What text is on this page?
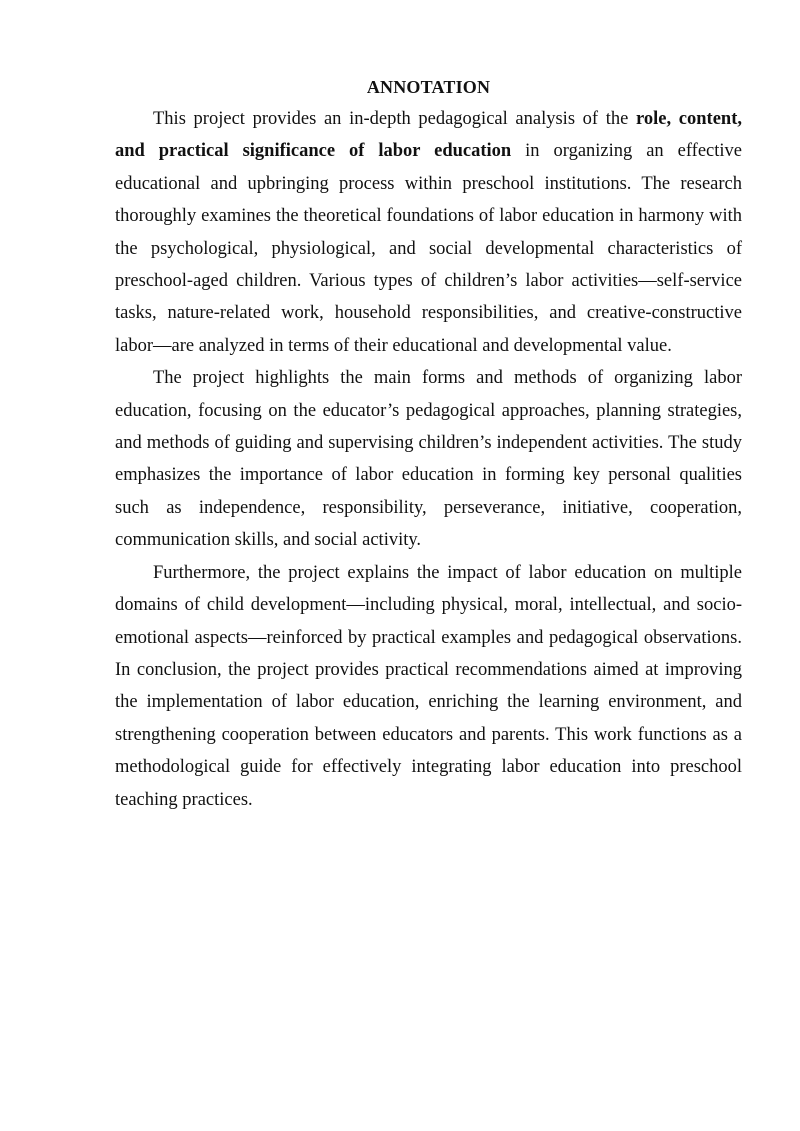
ANNOTATION

This project provides an in-depth pedagogical analysis of the role, content, and practical significance of labor education in organizing an effective educational and upbringing process within preschool institutions. The research thoroughly examines the theoretical foundations of labor education in harmony with the psychological, physiological, and social developmental characteristics of preschool-aged children. Various types of children’s labor activities—self-service tasks, nature-related work, household responsibilities, and creative-constructive labor—are analyzed in terms of their educational and developmental value.

The project highlights the main forms and methods of organizing labor education, focusing on the educator’s pedagogical approaches, planning strategies, and methods of guiding and supervising children’s independent activities. The study emphasizes the importance of labor education in forming key personal qualities such as independence, responsibility, perseverance, initiative, cooperation, communication skills, and social activity.

Furthermore, the project explains the impact of labor education on multiple domains of child development—including physical, moral, intellectual, and socio-emotional aspects—reinforced by practical examples and pedagogical observations. In conclusion, the project provides practical recommendations aimed at improving the implementation of labor education, enriching the learning environment, and strengthening cooperation between educators and parents. This work functions as a methodological guide for effectively integrating labor education into preschool teaching practices.
